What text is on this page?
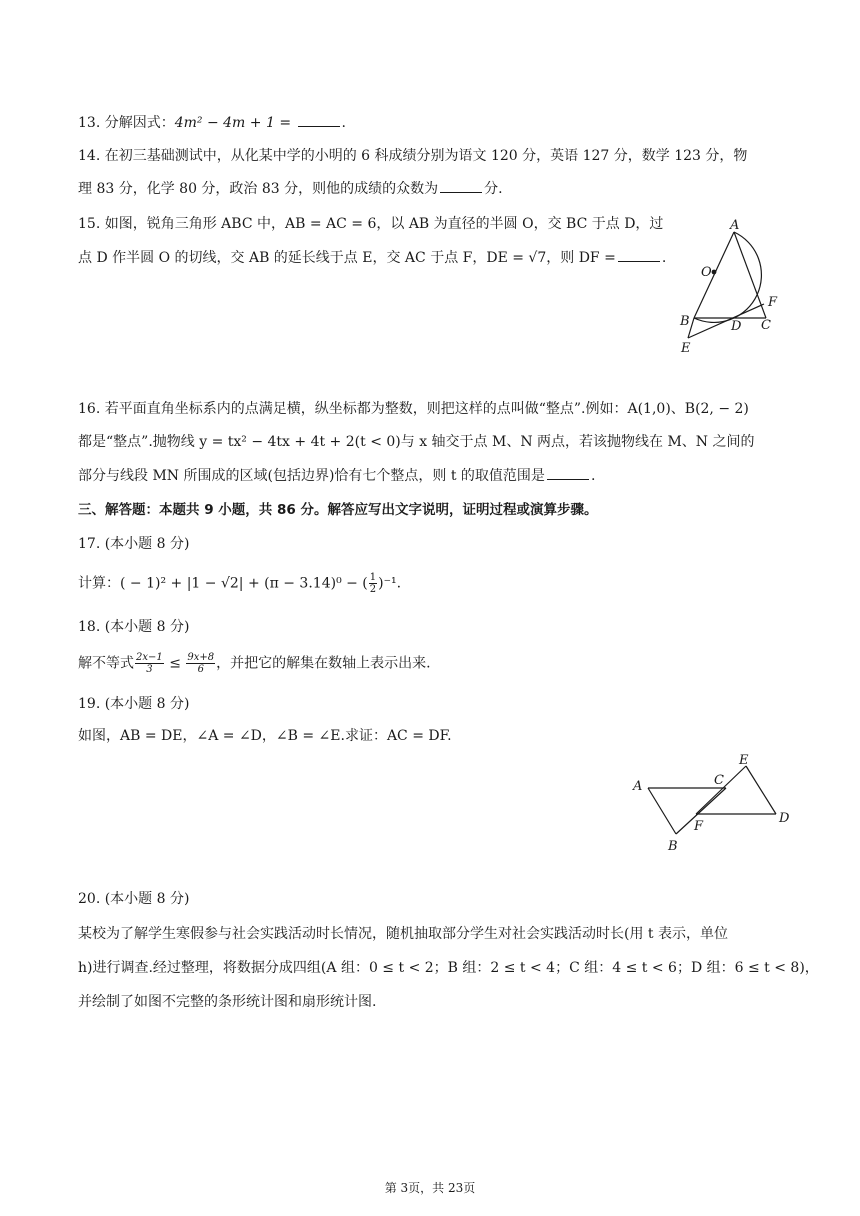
13. 分解因式：4m² − 4m + 1 =	.
14. 在初三基础测试中，从化某中学的小明的 6 科成绩分别为语文 120 分，英语 127 分，数学 123 分，物
理 83 分，化学 80 分，政治 83 分，则他的成绩的众数为	分.
15. 如图，锐角三角形 ABC 中，AB = AC = 6，以 AB 为直径的半圆 O，交 BC 于点 D，过
点 D 作半圆 O 的切线，交 AB 的延长线于点 E，交 AC 于点 F，DE = √7，则 DF =	.
A
O
F
B	D C
E
16. 若平面直角坐标系内的点满足横，纵坐标都为整数，则把这样的点叫做“整点”.例如：A(1,0)、B(2, − 2)
都是“整点”.抛物线 y = tx² − 4tx + 4t + 2(t < 0)与 x 轴交于点 M、N 两点，若该抛物线在 M、N 之间的
部分与线段 MN 所围成的区域(包括边界)恰有七个整点，则 t 的取值范围是	.
三、解答题：本题共 9 小题，共 86 分。解答应写出文字说明，证明过程或演算步骤。
17. (本小题 8 分)
计算：( − 1)² + |1 − √2| + (π − 3.14)⁰ − ( $\frac{1}{2} )^{-1}$.
18. (本小题 8 分)
解不等式 $\frac{2x-1}{3} \le \frac{9x+8}{6}$ ，并把它的解集在数轴上表示出来.
19. (本小题 8 分)
如图，AB = DE，∠A = ∠D，∠B = ∠E.求证：AC = DF.
A	C
E
F
D
B
20. (本小题 8 分)
某校为了解学生寒假参与社会实践活动时长情况，随机抽取部分学生对社会实践活动时长(用 t 表示，单位
h)进行调查.经过整理，将数据分成四组(A 组：0 ≤ t < 2；B 组：2 ≤ t < 4；C 组：4 ≤ t < 6；D 组：6 ≤ t < 8)，
并绘制了如图不完整的条形统计图和扇形统计图.
第 3页，共 23页
